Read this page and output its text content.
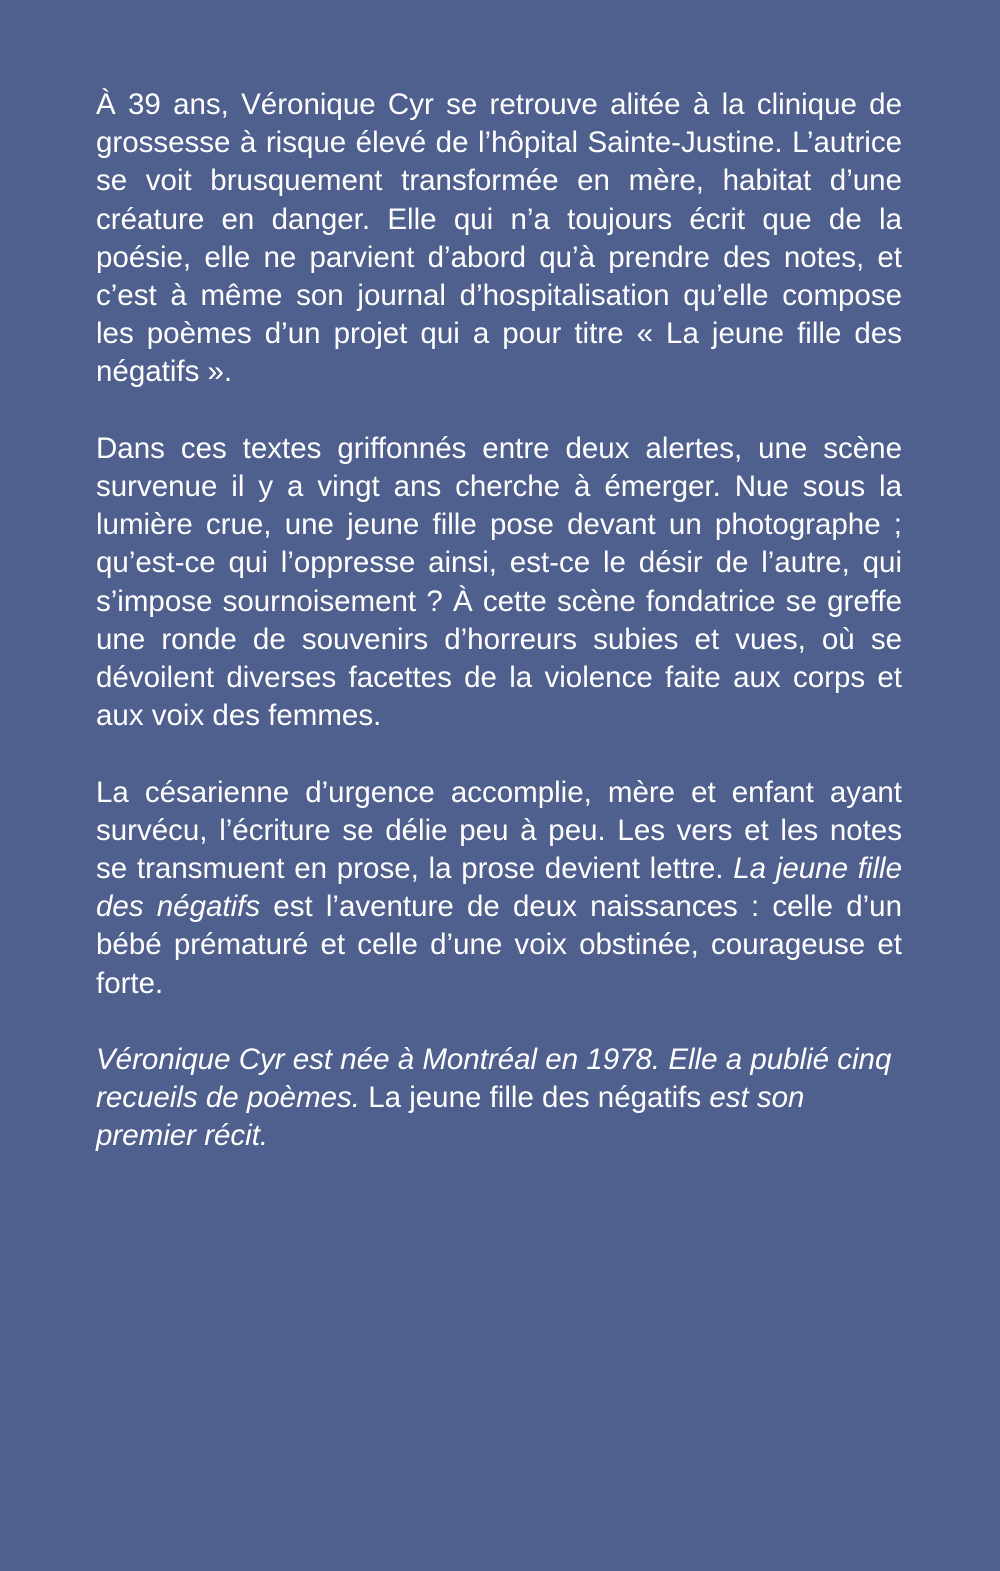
À 39 ans, Véronique Cyr se retrouve alitée à la clinique de grossesse à risque élevé de l’hôpital Sainte-Justine. L’autrice se voit brusquement transformée en mère, habitat d’une créature en danger. Elle qui n’a toujours écrit que de la poésie, elle ne parvient d’abord qu’à prendre des notes, et c’est à même son journal d’hospitalisation qu’elle compose les poèmes d’un projet qui a pour titre « La jeune fille des négatifs ».

Dans ces textes griffonnés entre deux alertes, une scène survenue il y a vingt ans cherche à émerger. Nue sous la lumière crue, une jeune fille pose devant un photographe ; qu’est-ce qui l’oppresse ainsi, est-ce le désir de l’autre, qui s’impose sournoisement ? À cette scène fondatrice se greffe une ronde de souvenirs d’horreurs subies et vues, où se dévoilent diverses facettes de la violence faite aux corps et aux voix des femmes.

La césarienne d’urgence accomplie, mère et enfant ayant survécu, l’écriture se délie peu à peu. Les vers et les notes se transmuent en prose, la prose devient lettre. La jeune fille des négatifs est l’aventure de deux naissances : celle d’un bébé prématuré et celle d’une voix obstinée, courageuse et forte.

Véronique Cyr est née à Montréal en 1978. Elle a publié cinq recueils de poèmes. La jeune fille des négatifs est son premier récit.
